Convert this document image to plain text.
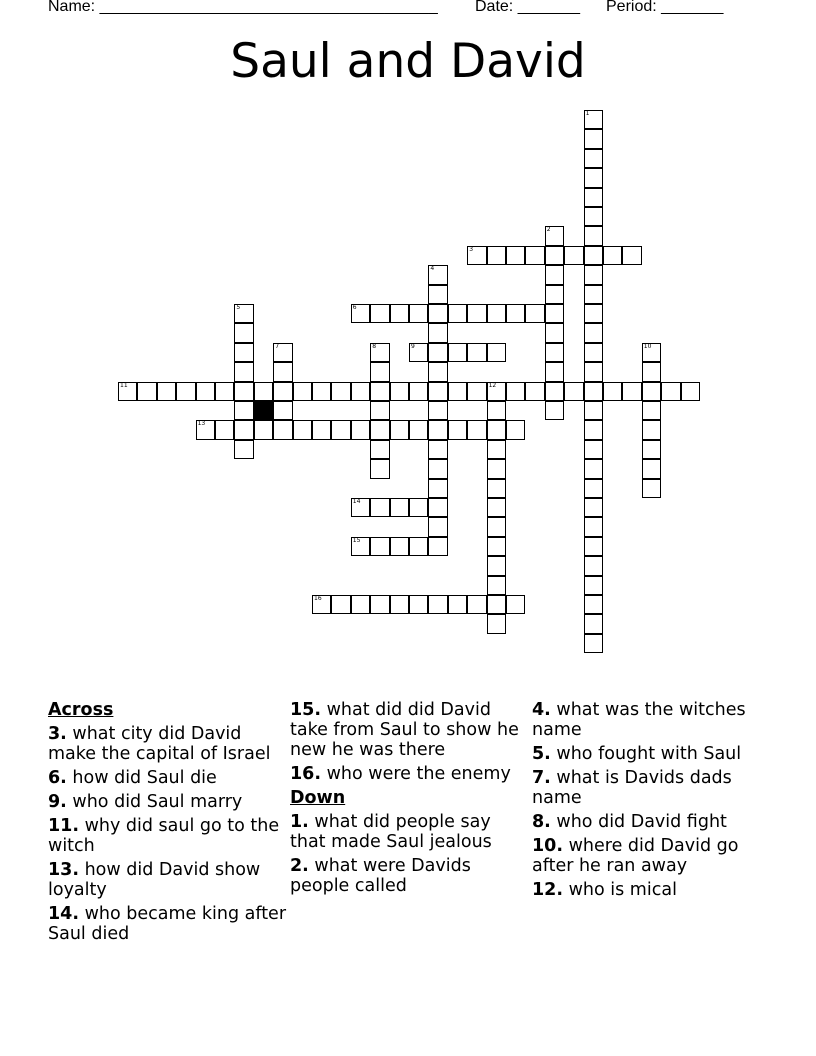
Name: ______________________________________ Date: _______ Period: _______
Saul and David
1
2
3
4
5	6
7	8	9	10
11	12
13
14
15
16
Across
3. what city did David make the capital of Israel
6. how did Saul die
9. who did Saul marry
11. why did saul go to the witch
13. how did David show loyalty
14. who became king after Saul died
15. what did did David take from Saul to show he new he was there
16. who were the enemy
Down
1. what did people say that made Saul jealous
2. what were Davids people called
4. what was the witches name
5. who fought with Saul
7. what is Davids dads name
8. who did David fight
10. where did David go after he ran away
12. who is mical
